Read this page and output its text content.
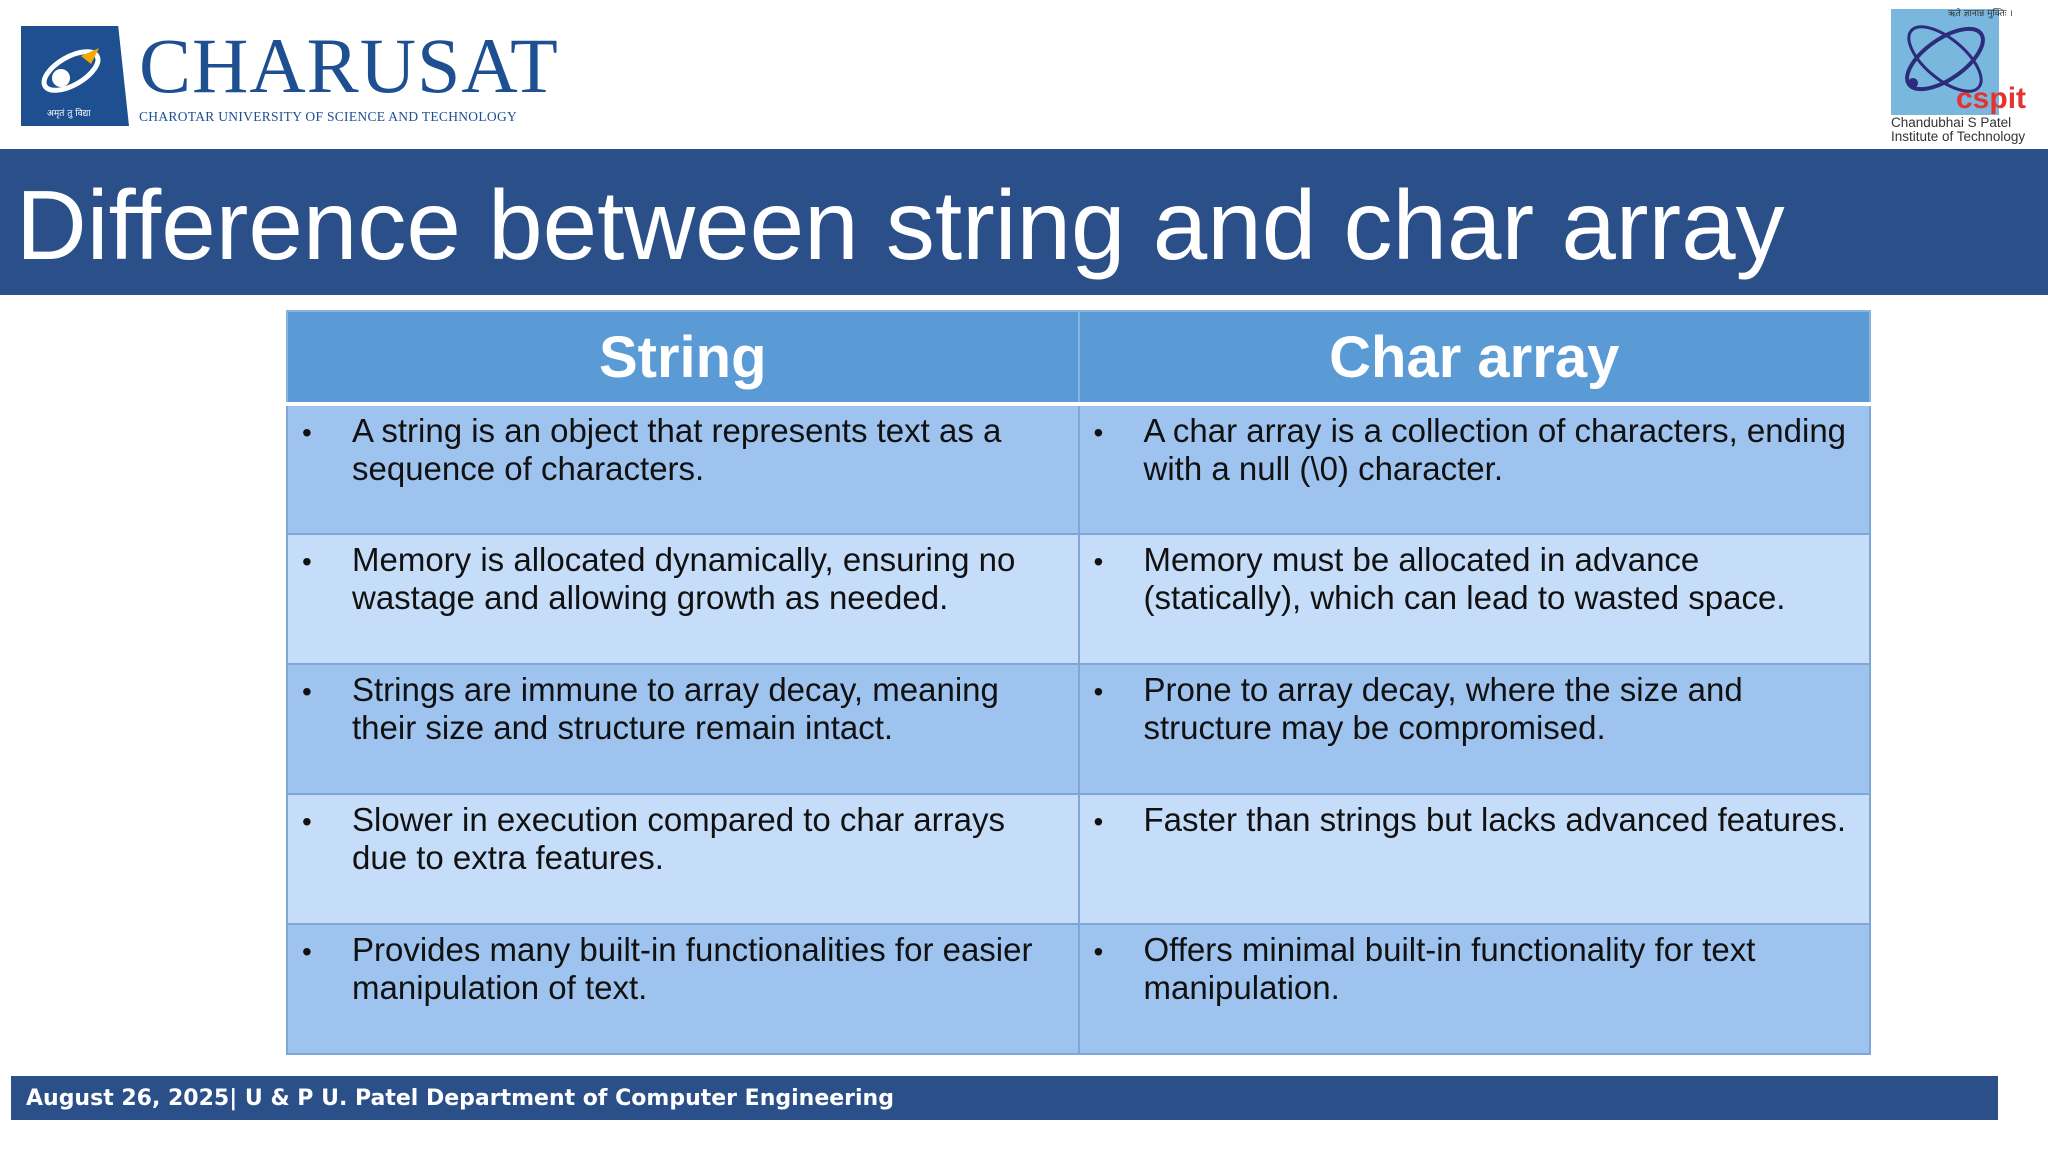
अमृतं तु विद्या
CHARUSAT
CHAROTAR UNIVERSITY OF SCIENCE AND TECHNOLOGY
ऋते ज्ञानान्न मुक्तिः ।
cspit
Chandubhai S Patel
Institute of Technology
Difference between string and char array
String	Char array

• A string is an object that represents text as a sequence of characters.	• A char array is a collection of characters, ending with a null (\0) character.

• Memory is allocated dynamically, ensuring no wastage and allowing growth as needed.	• Memory must be allocated in advance (statically), which can lead to wasted space.

• Strings are immune to array decay, meaning their size and structure remain intact.	• Prone to array decay, where the size and structure may be compromised.

• Slower in execution compared to char arrays due to extra features.	• Faster than strings but lacks advanced features.

• Provides many built-in functionalities for easier manipulation of text.	• Offers minimal built-in functionality for text manipulation.
August 26, 2025| U & P U. Patel Department of Computer Engineering
